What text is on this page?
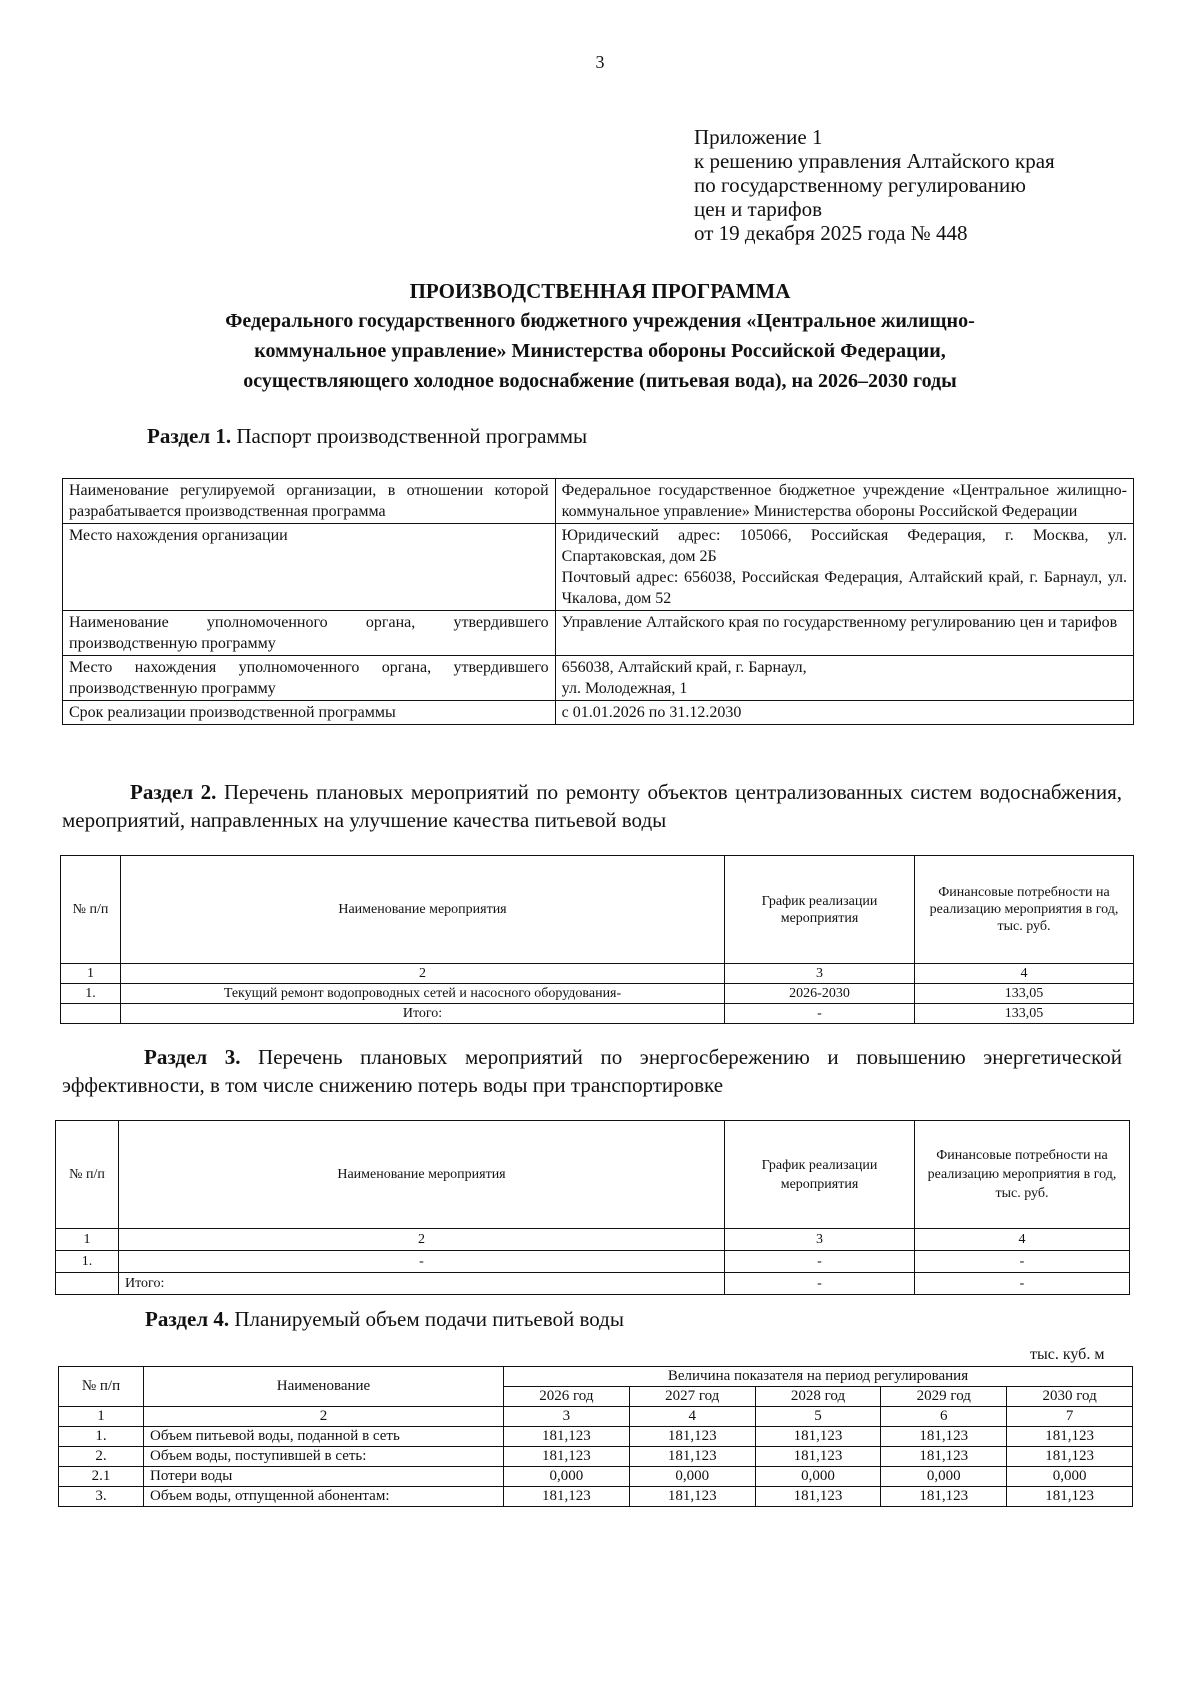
3
Приложение 1
к решению управления Алтайского края
по государственному регулированию
цен и тарифов
от 19 декабря 2025 года № 448
ПРОИЗВОДСТВЕННАЯ ПРОГРАММА
Федерального государственного бюджетного учреждения «Центральное жилищно-
коммунальное управление» Министерства обороны Российской Федерации,
осуществляющего холодное водоснабжение (питьевая вода), на 2026–2030 годы
Раздел 1. Паспорт производственной программы
Наименование регулируемой организации, в отношении которой разрабатывается производственная программа	Федеральное государственное бюджетное учреждение «Центральное жилищно-коммунальное управление» Министерства обороны Российской Федерации

Место нахождения организации	Юридический адрес: 105066, Российская Федерация, г. Москва, ул. Спартаковская, дом 2Б
Почтовый адрес: 656038, Российская Федерация, Алтайский край, г. Барнаул, ул. Чкалова, дом 52

Наименование уполномоченного органа, утвердившего производственную программу	Управление Алтайского края по государственному регулированию цен и тарифов

Место нахождения уполномоченного органа, утвердившего производственную программу	656038, Алтайский край, г. Барнаул,
ул. Молодежная, 1

Срок реализации производственной программы	с 01.01.2026 по 31.12.2030
Раздел 2. Перечень плановых мероприятий по ремонту объектов централизованных систем водоснабжения, мероприятий, направленных на улучшение качества питьевой воды
№ п/п	Наименование мероприятия	График реализации мероприятия	Финансовые потребности на реализацию мероприятия в год, тыс. руб.
1	2	3	4
1.	Текущий ремонт водопроводных сетей и насосного оборудования-	2026-2030	133,05
	Итого:	-	133,05
Раздел 3. Перечень плановых мероприятий по энергосбережению и повышению энергетической эффективности, в том числе снижению потерь воды при транспортировке
№ п/п	Наименование мероприятия	График реализации мероприятия	Финансовые потребности на реализацию мероприятия в год, тыс. руб.
1	2	3	4
1.	-	-	-
	Итого:	-	-
Раздел 4. Планируемый объем подачи питьевой воды
тыс. куб. м
№ п/п	Наименование	Величина показателя на период регулирования				
		2026 год	2027 год	2028 год	2029 год	2030 год
1	2	3	4	5	6	7
1.	Объем питьевой воды, поданной в сеть	181,123	181,123	181,123	181,123	181,123
2.	Объем воды, поступившей в сеть:	181,123	181,123	181,123	181,123	181,123
2.1	Потери воды	0,000	0,000	0,000	0,000	0,000
3.	Объем воды, отпущенной абонентам:	181,123	181,123	181,123	181,123	181,123
